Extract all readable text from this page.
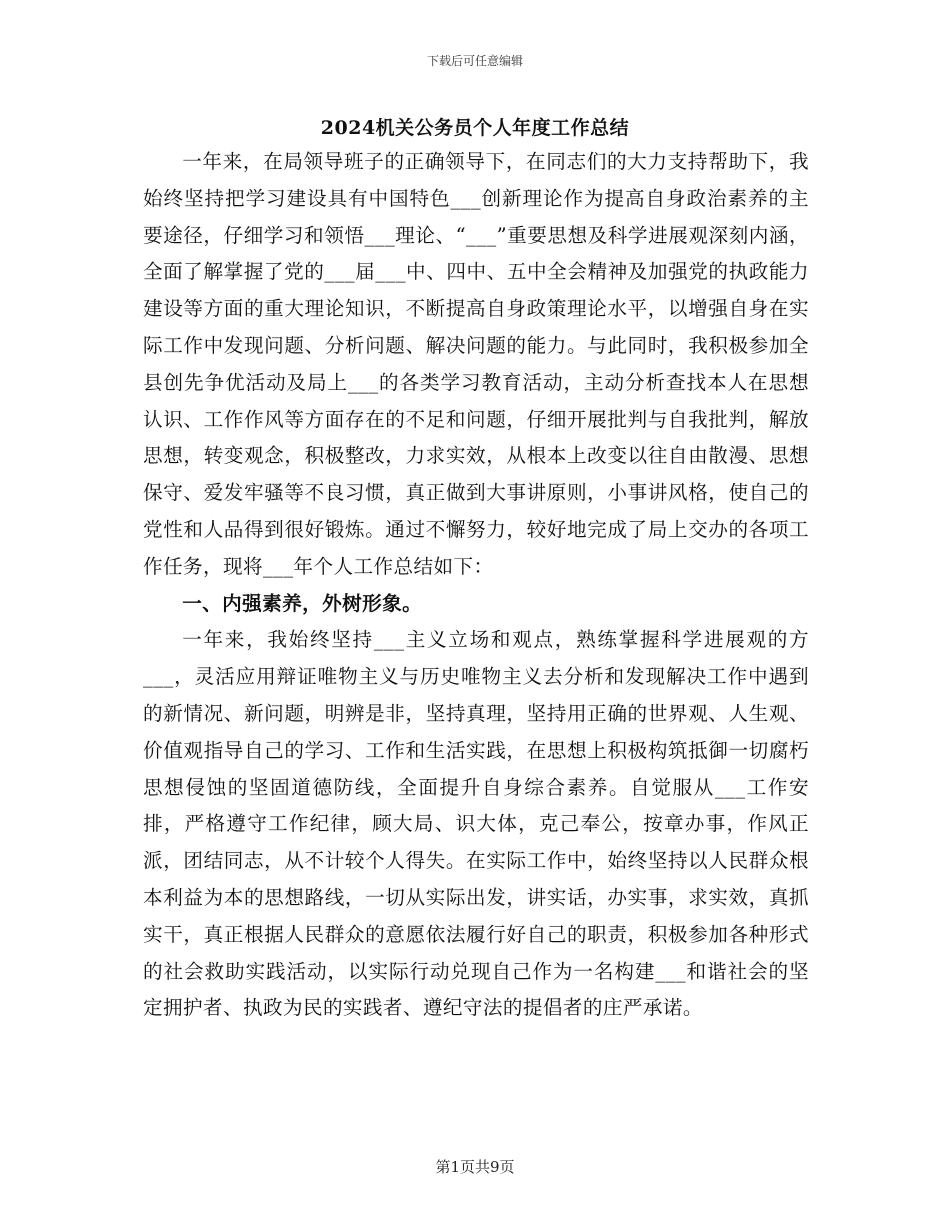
下载后可任意编辑
2024机关公务员个人年度工作总结

一年来，在局领导班子的正确领导下，在同志们的大力支持帮助下，我始终坚持把学习建设具有中国特色___创新理论作为提高自身政治素养的主要途径，仔细学习和领悟___理论、“___”重要思想及科学进展观深刻内涵，全面了解掌握了党的___届___中、四中、五中全会精神及加强党的执政能力建设等方面的重大理论知识，不断提高自身政策理论水平，以增强自身在实际工作中发现问题、分析问题、解决问题的能力。与此同时，我积极参加全县创先争优活动及局上___的各类学习教育活动，主动分析查找本人在思想认识、工作作风等方面存在的不足和问题，仔细开展批判与自我批判，解放思想，转变观念，积极整改，力求实效，从根本上改变以往自由散漫、思想保守、爱发牢骚等不良习惯，真正做到大事讲原则，小事讲风格，使自己的党性和人品得到很好锻炼。通过不懈努力，较好地完成了局上交办的各项工作任务，现将___年个人工作总结如下：

一、内强素养，外树形象。

一年来，我始终坚持___主义立场和观点，熟练掌握科学进展观的方___，灵活应用辩证唯物主义与历史唯物主义去分析和发现解决工作中遇到的新情况、新问题，明辨是非，坚持真理，坚持用正确的世界观、人生观、价值观指导自己的学习、工作和生活实践，在思想上积极构筑抵御一切腐朽思想侵蚀的坚固道德防线，全面提升自身综合素养。自觉服从___工作安排，严格遵守工作纪律，顾大局、识大体，克己奉公，按章办事，作风正派，团结同志，从不计较个人得失。在实际工作中，始终坚持以人民群众根本利益为本的思想路线，一切从实际出发，讲实话，办实事，求实效，真抓实干，真正根据人民群众的意愿依法履行好自己的职责，积极参加各种形式的社会救助实践活动，以实际行动兑现自己作为一名构建___和谐社会的坚定拥护者、执政为民的实践者、遵纪守法的提倡者的庄严承诺。

第1页共9页
